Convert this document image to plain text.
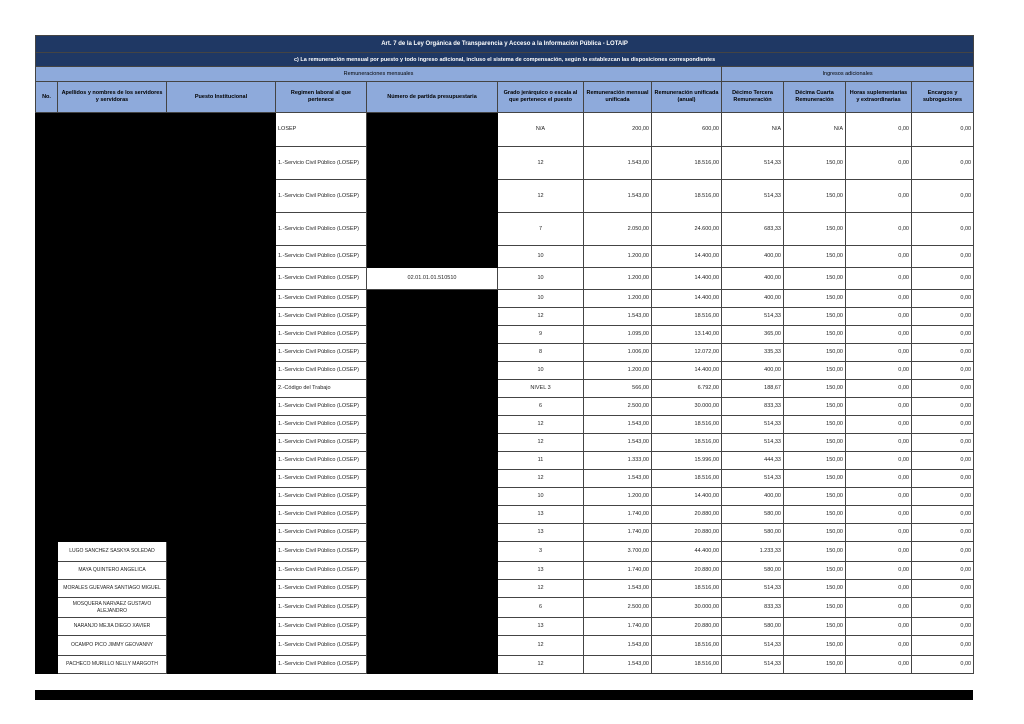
Art. 7 de la Ley Orgánica de Transparencia y Acceso a la Información Pública - LOTAIP											
c) La remuneración mensual por puesto y todo ingreso adicional, incluso el sistema de compensación, según lo establezcan las disposiciones correspondientes											
Remuneraciones mensuales								Ingresos adicionales			
No.	Apellidos y nombres de los servidores y servidoras	Puesto Institucional	Regimen laboral al que pertenece	Número de partida presupuestaria	Grado jerárquico o escala al que pertenece el puesto	Remuneración mensual unificada	Remuneración unificada (anual)	Décimo Tercera Remuneración	Décima Cuarta Remuneración	Horas suplementarias y extraordinarias	Encargos y subrogaciones
			LOSEP		N/A	200,00	600,00	N/A	N/A	0,00	0,00
			1.-Servicio Civil Público (LOSEP)		12	1.543,00	18.516,00	514,33	150,00	0,00	0,00
			1.-Servicio Civil Público (LOSEP)		12	1.543,00	18.516,00	514,33	150,00	0,00	0,00
			1.-Servicio Civil Público (LOSEP)		7	2.050,00	24.600,00	683,33	150,00	0,00	0,00
			1.-Servicio Civil Público (LOSEP)		10	1.200,00	14.400,00	400,00	150,00	0,00	0,00
			1.-Servicio Civil Público (LOSEP)	02.01.01.01.510510	10	1.200,00	14.400,00	400,00	150,00	0,00	0,00
			1.-Servicio Civil Público (LOSEP)		10	1.200,00	14.400,00	400,00	150,00	0,00	0,00
			1.-Servicio Civil Público (LOSEP)		12	1.543,00	18.516,00	514,33	150,00	0,00	0,00
			1.-Servicio Civil Público (LOSEP)		9	1.095,00	13.140,00	365,00	150,00	0,00	0,00
			1.-Servicio Civil Público (LOSEP)		8	1.006,00	12.072,00	335,33	150,00	0,00	0,00
			1.-Servicio Civil Público (LOSEP)		10	1.200,00	14.400,00	400,00	150,00	0,00	0,00
			2.-Código del Trabajo		NIVEL 3	566,00	6.792,00	188,67	150,00	0,00	0,00
			1.-Servicio Civil Público (LOSEP)		6	2.500,00	30.000,00	833,33	150,00	0,00	0,00
			1.-Servicio Civil Público (LOSEP)		12	1.543,00	18.516,00	514,33	150,00	0,00	0,00
			1.-Servicio Civil Público (LOSEP)		12	1.543,00	18.516,00	514,33	150,00	0,00	0,00
			1.-Servicio Civil Público (LOSEP)		11	1.333,00	15.996,00	444,33	150,00	0,00	0,00
			1.-Servicio Civil Público (LOSEP)		12	1.543,00	18.516,00	514,33	150,00	0,00	0,00
			1.-Servicio Civil Público (LOSEP)		10	1.200,00	14.400,00	400,00	150,00	0,00	0,00
			1.-Servicio Civil Público (LOSEP)		13	1.740,00	20.880,00	580,00	150,00	0,00	0,00
			1.-Servicio Civil Público (LOSEP)		13	1.740,00	20.880,00	580,00	150,00	0,00	0,00
	LUGO SANCHEZ SASKYA SOLEDAD		1.-Servicio Civil Público (LOSEP)		3	3.700,00	44.400,00	1.233,33	150,00	0,00	0,00
	MAYA QUINTERO ANGELICA		1.-Servicio Civil Público (LOSEP)		13	1.740,00	20.880,00	580,00	150,00	0,00	0,00
	MORALES GUEVARA SANTIAGO MIGUEL		1.-Servicio Civil Público (LOSEP)		12	1.543,00	18.516,00	514,33	150,00	0,00	0,00
	MOSQUERA NARVAEZ GUSTAVO ALEJANDRO		1.-Servicio Civil Público (LOSEP)		6	2.500,00	30.000,00	833,33	150,00	0,00	0,00
	NARANJO MEJIA DIEGO XAVIER		1.-Servicio Civil Público (LOSEP)		13	1.740,00	20.880,00	580,00	150,00	0,00	0,00
	OCAMPO PICO JIMMY GEOVANNY		1.-Servicio Civil Público (LOSEP)		12	1.543,00	18.516,00	514,33	150,00	0,00	0,00
	PACHECO MURILLO NELLY MARGOTH		1.-Servicio Civil Público (LOSEP)		12	1.543,00	18.516,00	514,33	150,00	0,00	0,00
